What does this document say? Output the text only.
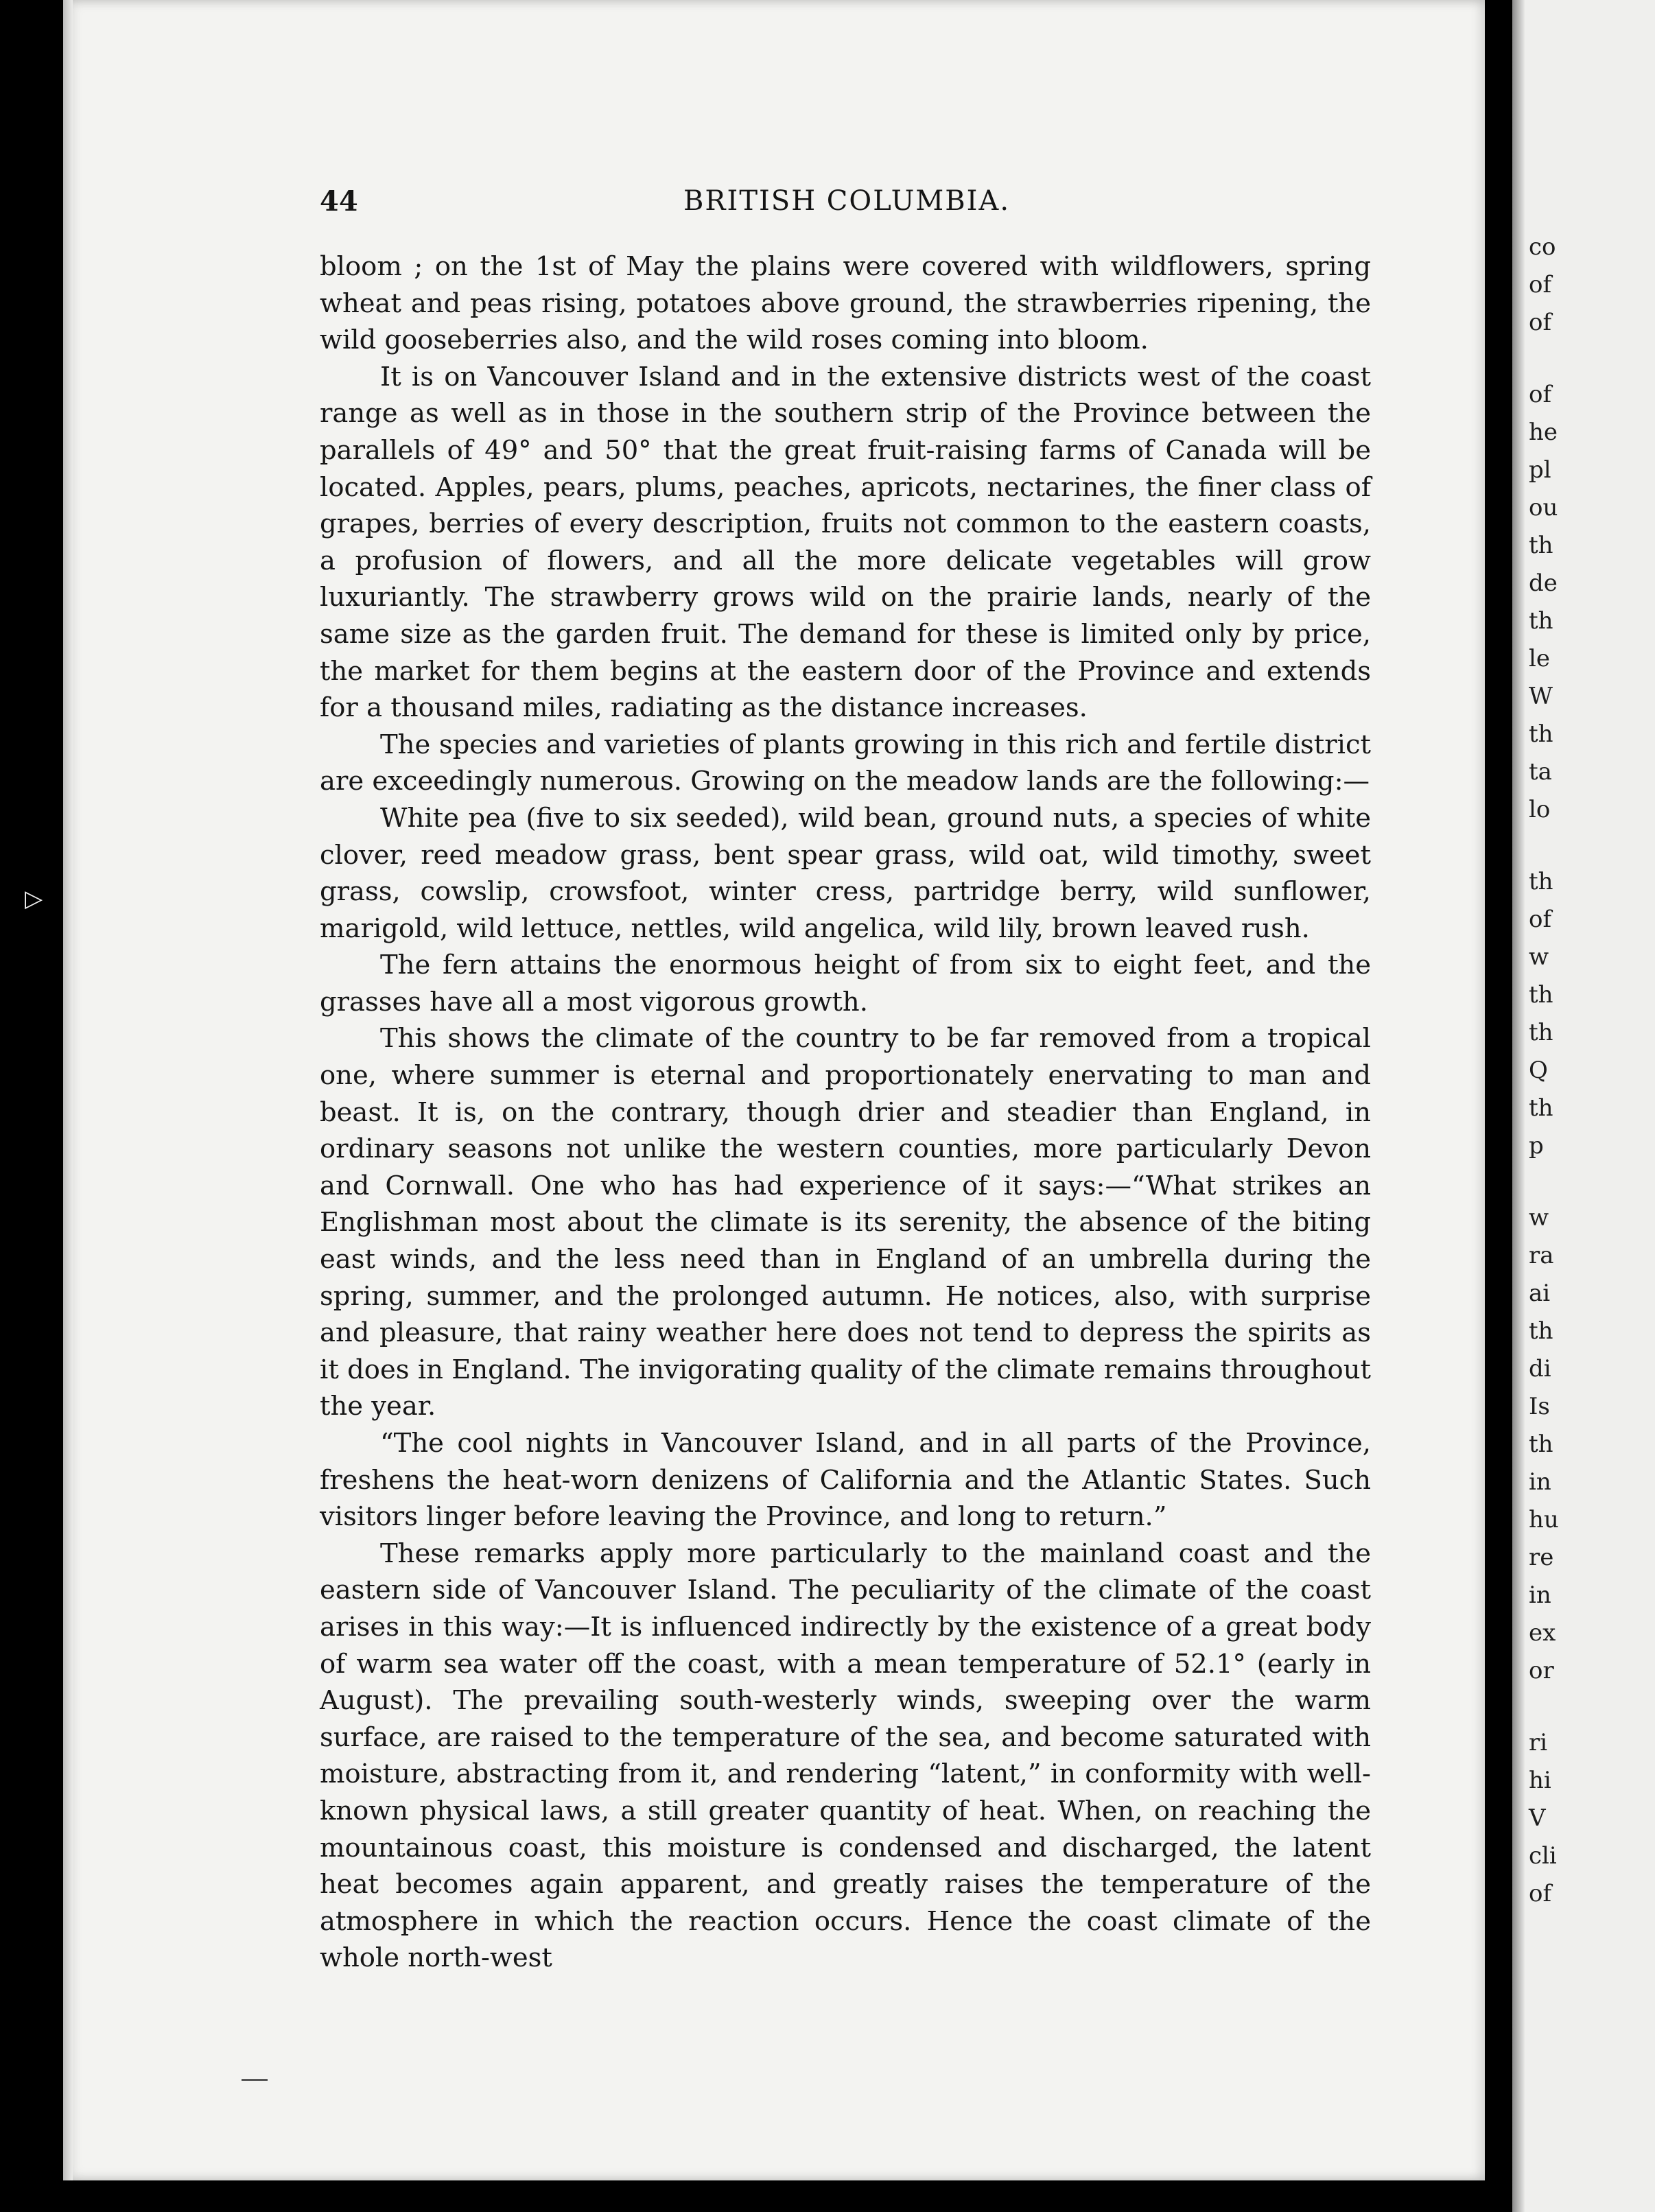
▷
44	BRITISH COLUMBIA.

bloom ; on the 1st of May the plains were covered with wildflowers, spring wheat and peas rising, potatoes above ground, the strawberries ripening, the wild gooseberries also, and the wild roses coming into bloom.

It is on Vancouver Island and in the extensive districts west of the coast range as well as in those in the southern strip of the Province between the parallels of 49° and 50° that the great fruit-raising farms of Canada will be located. Apples, pears, plums, peaches, apricots, nectarines, the finer class of grapes, berries of every description, fruits not common to the eastern coasts, a profusion of flowers, and all the more delicate vegetables will grow luxuriantly. The strawberry grows wild on the prairie lands, nearly of the same size as the garden fruit. The demand for these is limited only by price, the market for them begins at the eastern door of the Province and extends for a thousand miles, radiating as the distance increases.

The species and varieties of plants growing in this rich and fertile district are exceedingly numerous. Growing on the meadow lands are the following:—

White pea (five to six seeded), wild bean, ground nuts, a species of white clover, reed meadow grass, bent spear grass, wild oat, wild timothy, sweet grass, cowslip, crowsfoot, winter cress, partridge berry, wild sunflower, marigold, wild lettuce, nettles, wild angelica, wild lily, brown leaved rush.

The fern attains the enormous height of from six to eight feet, and the grasses have all a most vigorous growth.

This shows the climate of the country to be far removed from a tropical one, where summer is eternal and proportionately enervating to man and beast. It is, on the contrary, though drier and steadier than England, in ordinary seasons not unlike the western counties, more particularly Devon and Cornwall. One who has had experience of it says:—“What strikes an Englishman most about the climate is its serenity, the absence of the biting east winds, and the less need than in England of an umbrella during the spring, summer, and the prolonged autumn. He notices, also, with surprise and pleasure, that rainy weather here does not tend to depress the spirits as it does in England. The invigorating quality of the climate remains throughout the year.

“The cool nights in Vancouver Island, and in all parts of the Province, freshens the heat-worn denizens of California and the Atlantic States. Such visitors linger before leaving the Province, and long to return.”

These remarks apply more particularly to the mainland coast and the eastern side of Vancouver Island. The peculiarity of the climate of the coast arises in this way:—It is influenced indirectly by the existence of a great body of warm sea water off the coast, with a mean temperature of 52.1° (early in August). The prevailing south-westerly winds, sweeping over the warm surface, are raised to the temperature of the sea, and become saturated with moisture, abstracting from it, and rendering “latent,” in conformity with well-known physical laws, a still greater quantity of heat. When, on reaching the mountainous coast, this moisture is condensed and discharged, the latent heat becomes again apparent, and greatly raises the temperature of the atmosphere in which the reaction occurs. Hence the coast climate of the whole north-west

co
of
of
of
he
pl
ou
th
de
th
le
W
th
ta
lo
th
of
w
th
th
Q
th
p
w
ra
ai
th
di
Is
th
in
hu
re
in
ex
or
ri
hi
V
cli
of
